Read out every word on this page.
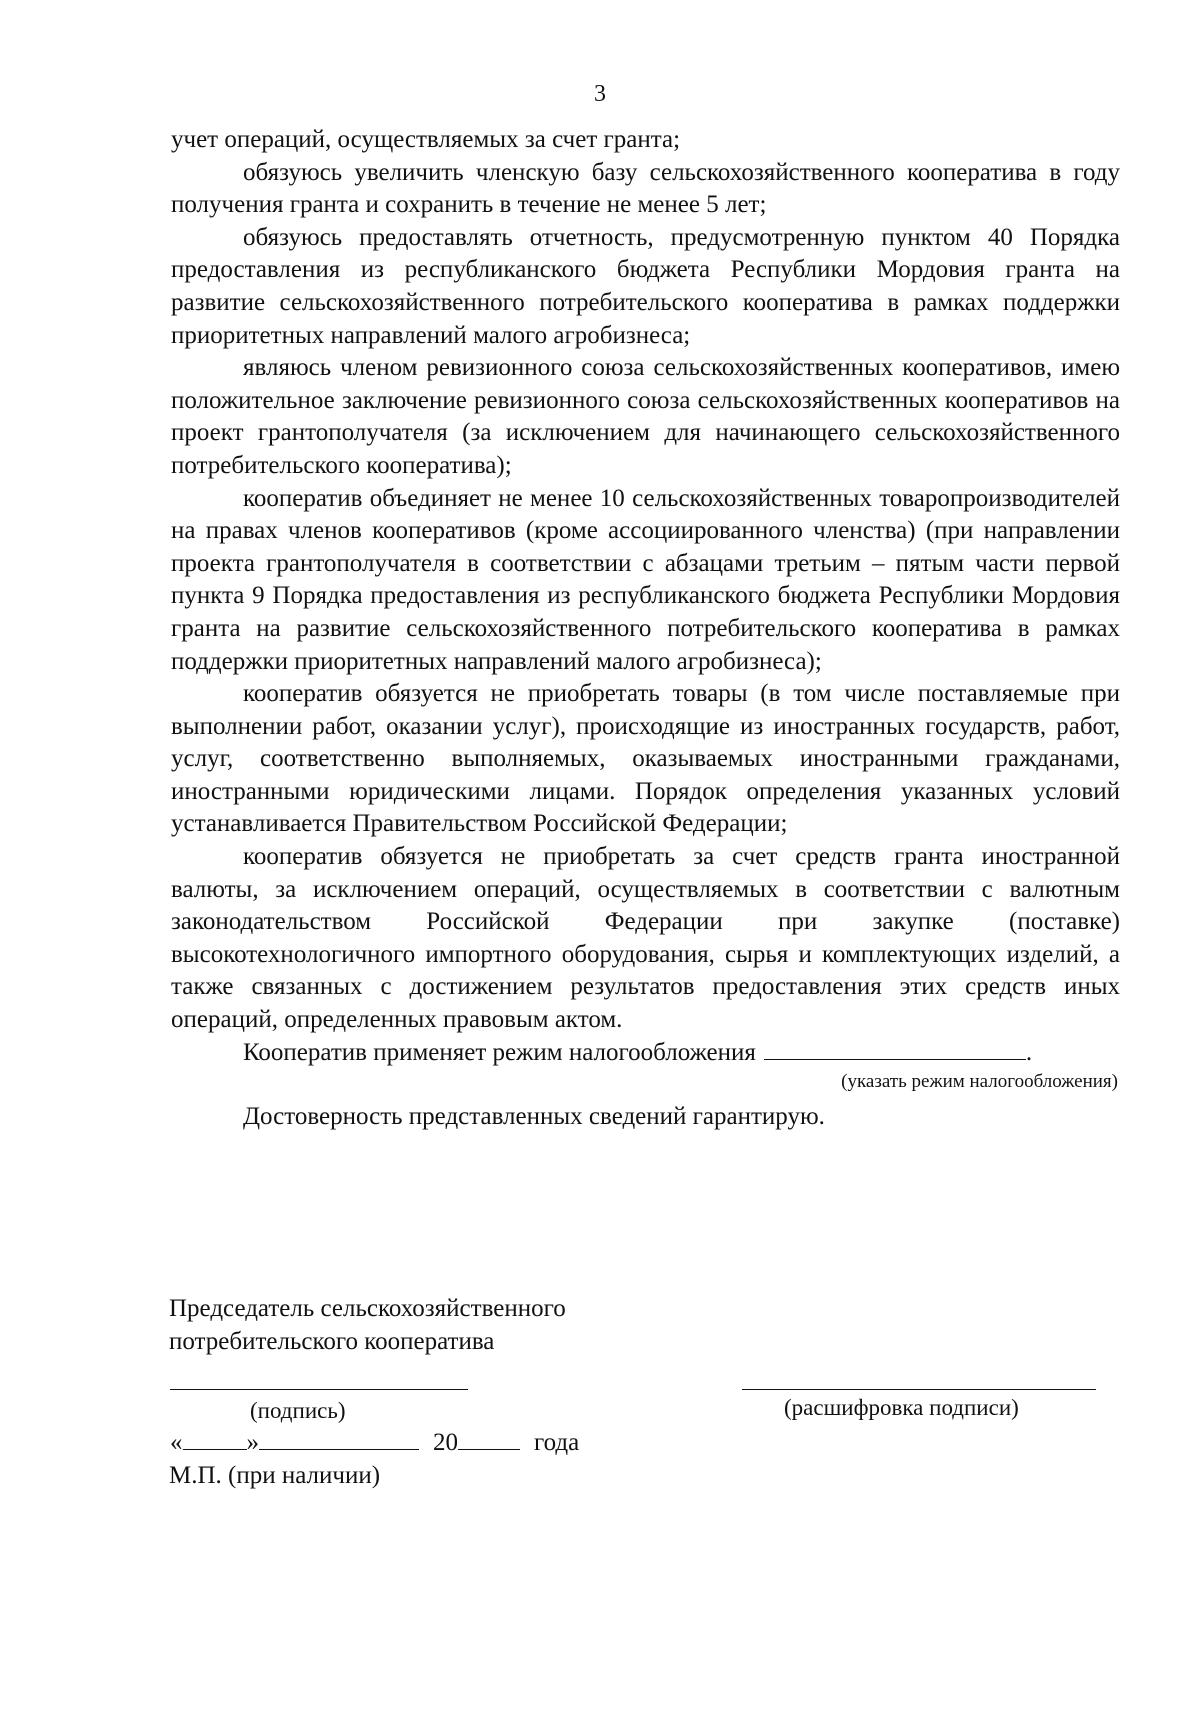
3

учет операций, осуществляемых за счет гранта;

обязуюсь увеличить членскую базу сельскохозяйственного кооператива в году получения гранта и сохранить в течение не менее 5 лет;

обязуюсь предоставлять отчетность, предусмотренную пунктом 40 Порядка предоставления из республиканского бюджета Республики Мордовия гранта на развитие сельскохозяйственного потребительского кооператива в рамках поддержки приоритетных направлений малого агробизнеса;

являюсь членом ревизионного союза сельскохозяйственных кооперативов, имею положительное заключение ревизионного союза сельскохозяйственных кооперативов на проект грантополучателя (за исключением для начинающего сельскохозяйственного потребительского кооператива);

кооператив объединяет не менее 10 сельскохозяйственных товаропроизводителей на правах членов кооперативов (кроме ассоциированного членства) (при направлении проекта грантополучателя в соответствии с абзацами третьим – пятым части первой пункта 9 Порядка предоставления из республиканского бюджета Республики Мордовия гранта на развитие сельскохозяйственного потребительского кооператива в рамках поддержки приоритетных направлений малого агробизнеса);

кооператив обязуется не приобретать товары (в том числе поставляемые при выполнении работ, оказании услуг), происходящие из иностранных государств, работ, услуг, соответственно выполняемых, оказываемых иностранными гражданами, иностранными юридическими лицами. Порядок определения указанных условий устанавливается Правительством Российской Федерации;

кооператив обязуется не приобретать за счет средств гранта иностранной валюты, за исключением операций, осуществляемых в соответствии с валютным законодательством Российской Федерации при закупке (поставке) высокотехнологичного импортного оборудования, сырья и комплектующих изделий, а также связанных с достижением результатов предоставления этих средств иных операций, определенных правовым актом.

Кооператив применяет режим налогообложения	.

(указать режим налогообложения)

Достоверность представленных сведений гарантирую.

Председатель сельскохозяйственного
потребительского кооператива
(подпись)	(расшифровка подписи)
«	»	20	года
М.П. (при наличии)
